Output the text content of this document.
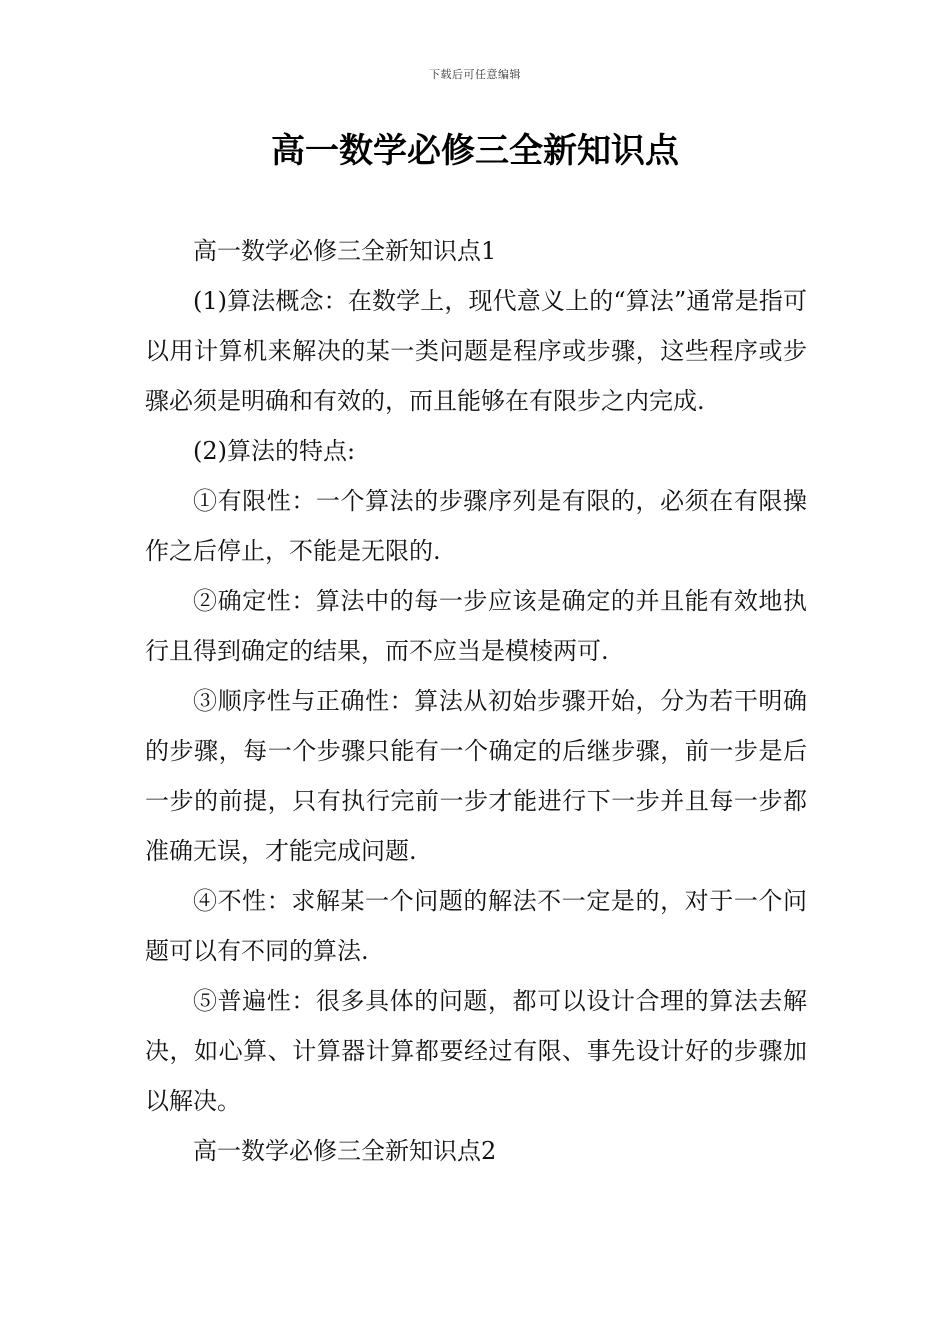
下载后可任意编辑
高一数学必修三全新知识点

高一数学必修三全新知识点1

(1)算法概念：在数学上，现代意义上的“算法”通常是指可以用计算机来解决的某一类问题是程序或步骤，这些程序或步骤必须是明确和有效的，而且能够在有限步之内完成.

(2)算法的特点:

①有限性：一个算法的步骤序列是有限的，必须在有限操作之后停止，不能是无限的.

②确定性：算法中的每一步应该是确定的并且能有效地执行且得到确定的结果，而不应当是模棱两可.

③顺序性与正确性：算法从初始步骤开始，分为若干明确的步骤，每一个步骤只能有一个确定的后继步骤，前一步是后一步的前提，只有执行完前一步才能进行下一步并且每一步都准确无误，才能完成问题.

④不性：求解某一个问题的解法不一定是的，对于一个问题可以有不同的算法.

⑤普遍性：很多具体的问题，都可以设计合理的算法去解决，如心算、计算器计算都要经过有限、事先设计好的步骤加以解决。

高一数学必修三全新知识点2
